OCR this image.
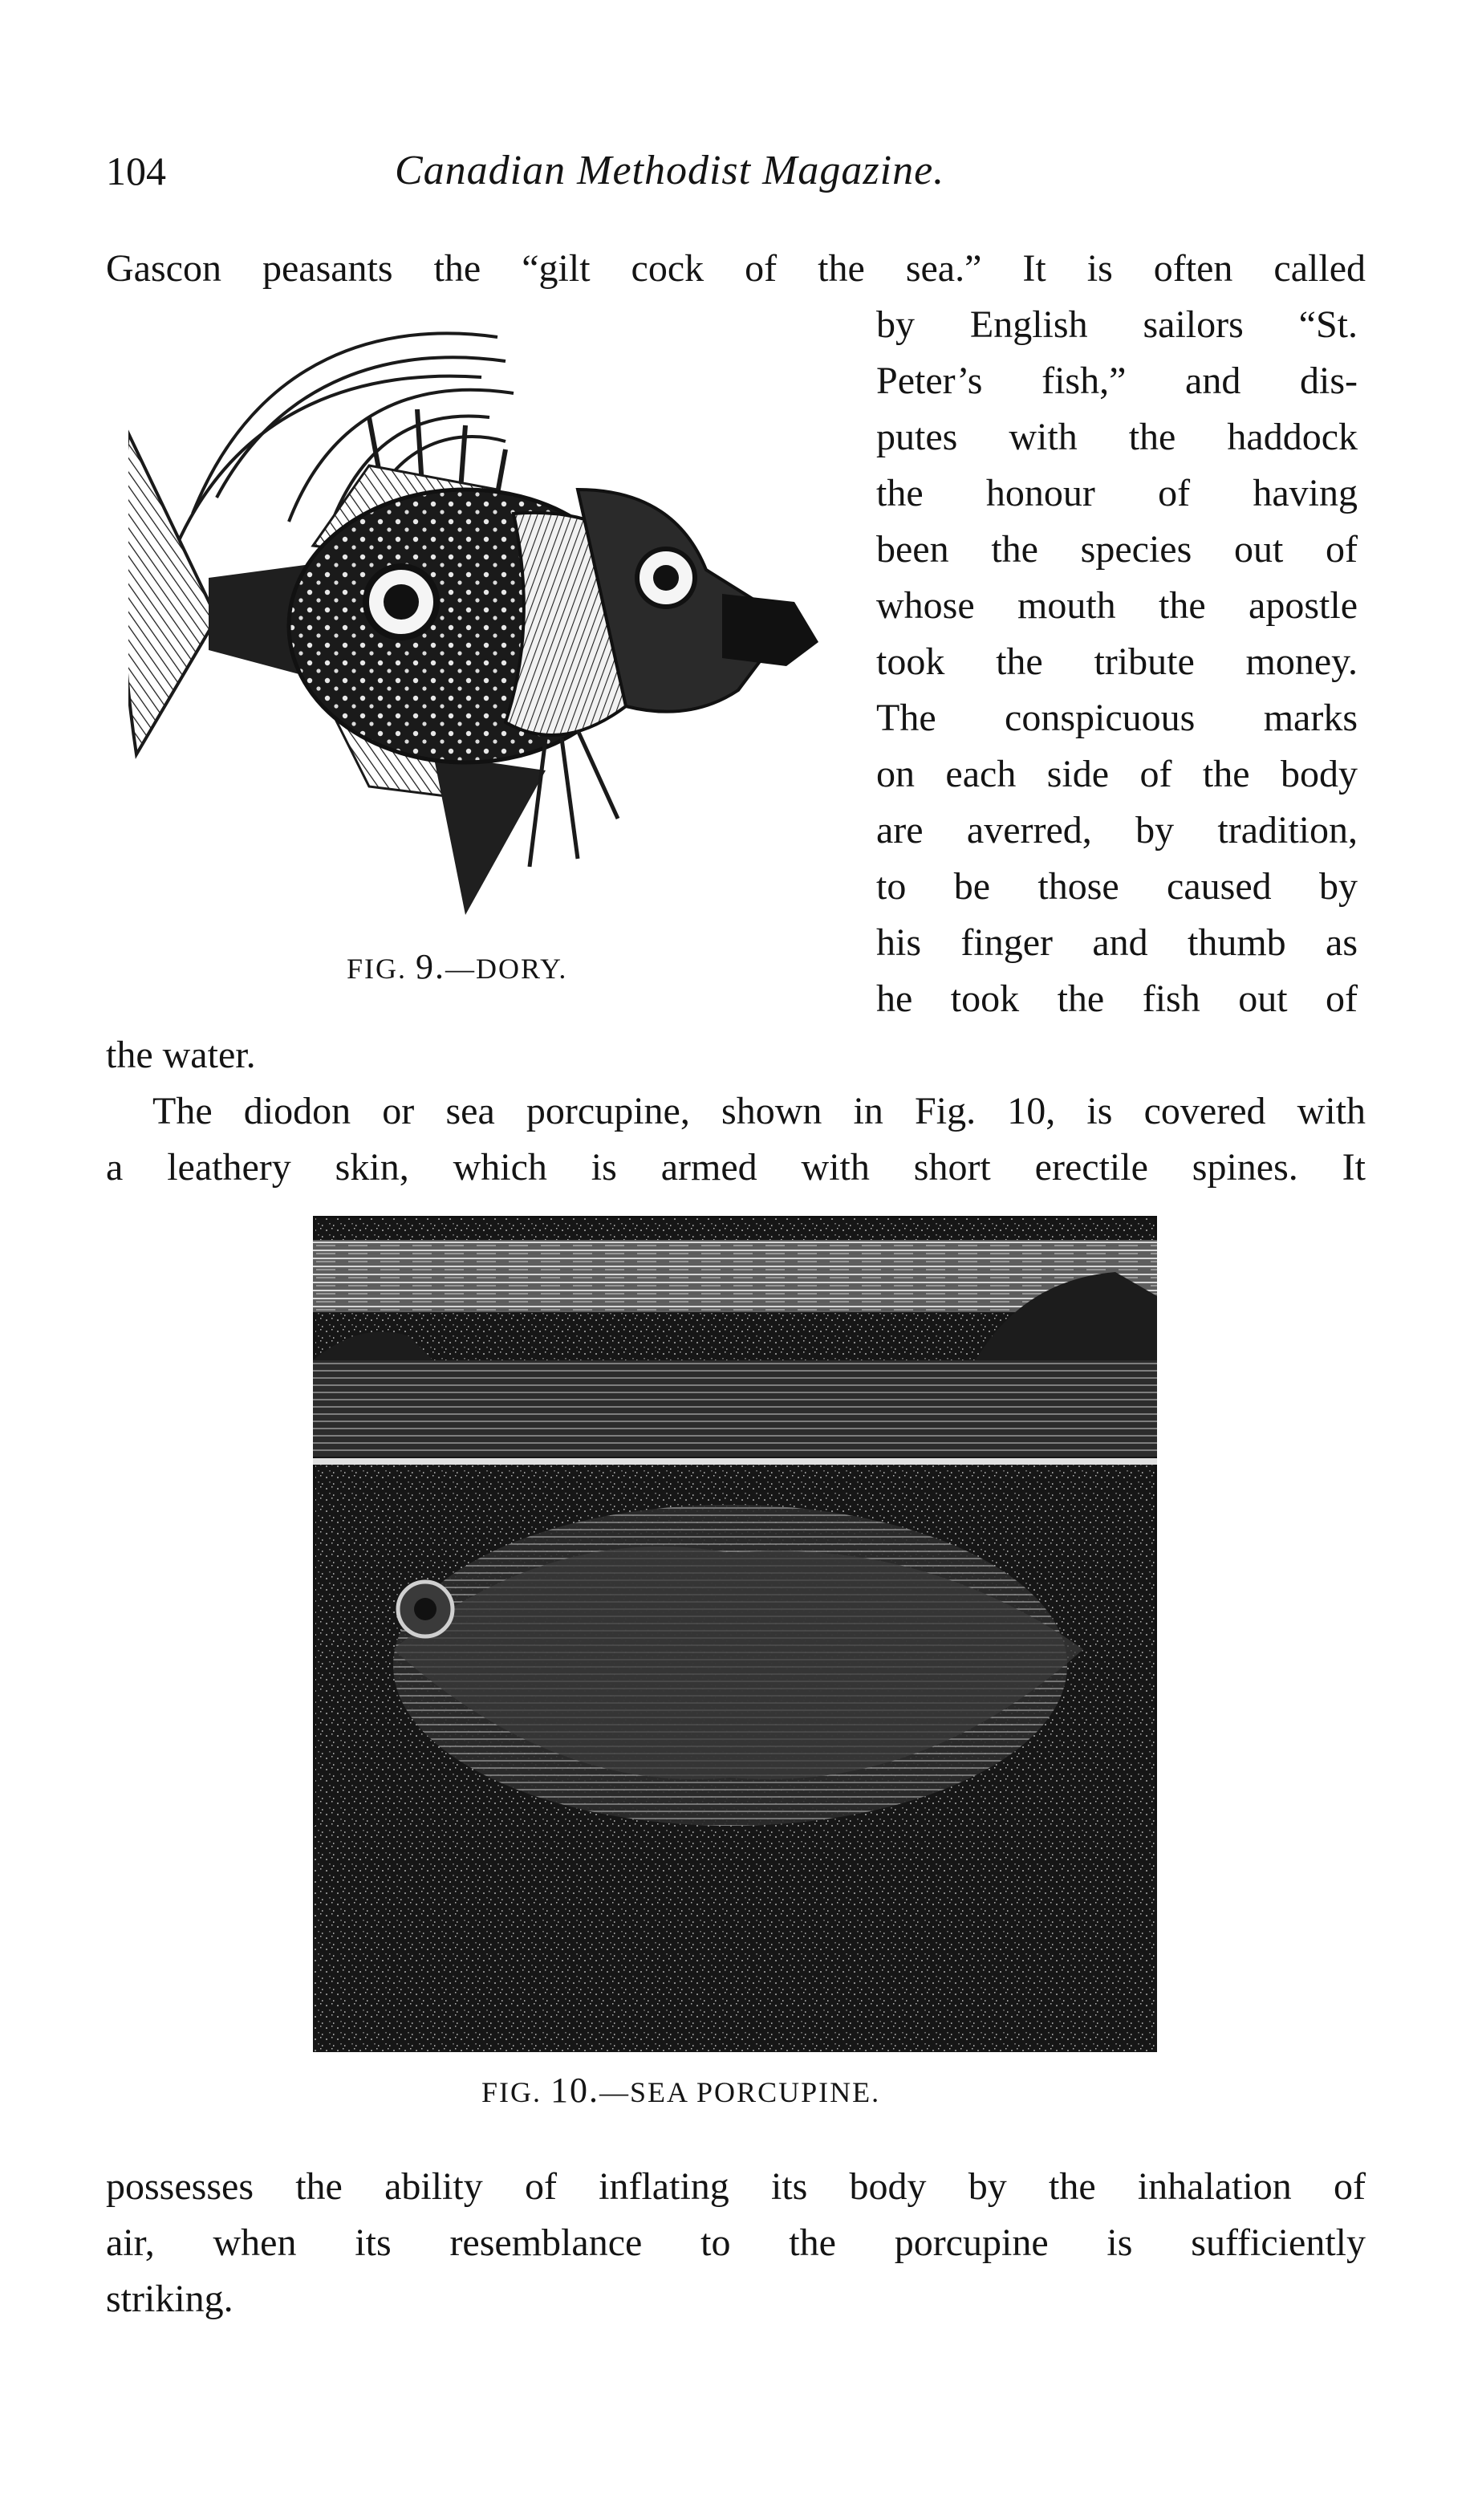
104	Canadian Methodist Magazine.
Gascon peasants the “gilt cock of the sea.” It is often called
by English sailors “St.
Peter’s fish,” and dis-
putes with the haddock
the honour of having
been the species out of
whose mouth the apostle
took the tribute money.
The conspicuous marks
on each side of the body
are averred, by tradition,
to be those caused by
his finger and thumb as
he took the fish out of
the water.
FIG. 9.—DORY.
The diodon or sea porcupine, shown in Fig. 10, is covered with
a leathery skin, which is armed with short erectile spines. It
FIG. 10.—SEA PORCUPINE.
possesses the ability of inflating its body by the inhalation of
air, when its resemblance to the porcupine is sufficiently
striking.
